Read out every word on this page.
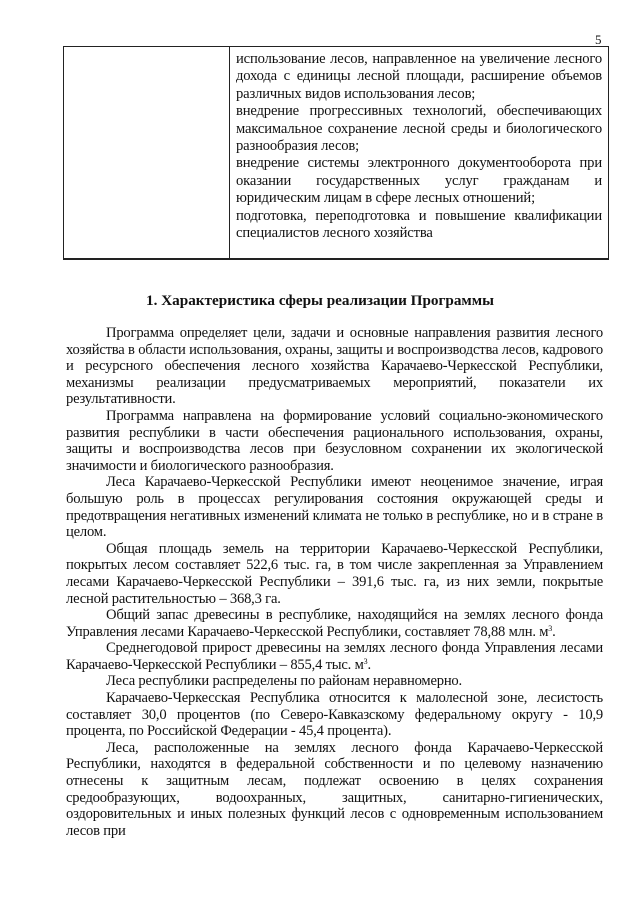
5

использование лесов, направленное на увеличение лесного дохода с единицы лесной площади, расширение объемов различных видов использования лесов;

внедрение прогрессивных технологий, обеспечивающих максимальное сохранение лесной среды и биологического разнообразия лесов;

внедрение системы электронного документооборота при оказании государственных услуг гражданам и юридическим лицам в сфере лесных отношений;

подготовка, переподготовка и повышение квалификации специалистов лесного хозяйства

1. Характеристика сферы реализации Программы

Программа определяет цели, задачи и основные направления развития лесного хозяйства в области использования, охраны, защиты и воспроизводства лесов, кадрового и ресурсного обеспечения лесного хозяйства Карачаево-Черкесской Республики, механизмы реализации предусматриваемых мероприятий, показатели их результативности.

Программа направлена на формирование условий социально-экономического развития республики в части обеспечения рационального использования, охраны, защиты и воспроизводства лесов при безусловном сохранении их экологической значимости и биологического разнообразия.

Леса Карачаево-Черкесской Республики имеют неоценимое значение, играя большую роль в процессах регулирования состояния окружающей среды и предотвращения негативных изменений климата не только в республике, но и в стране в целом.

Общая площадь земель на территории Карачаево-Черкесской Республики, покрытых лесом составляет 522,6 тыс. га, в том числе закрепленная за Управлением лесами Карачаево-Черкесской Республики – 391,6 тыс. га, из них земли, покрытые лесной растительностью – 368,3 га.

Общий запас древесины в республике, находящийся на землях лесного фонда Управления лесами Карачаево-Черкесской Республики, составляет 78,88 млн. $м^3$.

Среднегодовой прирост древесины на землях лесного фонда Управления лесами Карачаево-Черкесской Республики – 855,4 тыс. $м^3$.

Леса республики распределены по районам неравномерно.

Карачаево-Черкесская Республика относится к малолесной зоне, лесистость составляет 30,0 процентов (по Северо-Кавказскому федеральному округу - 10,9 процента, по Российской Федерации - 45,4 процента).

Леса, расположенные на землях лесного фонда Карачаево-Черкесской Республики, находятся в федеральной собственности и по целевому назначению отнесены к защитным лесам, подлежат освоению в целях сохранения средообразующих, водоохранных, защитных, санитарно-гигиенических, оздоровительных и иных полезных функций лесов с одновременным использованием лесов при
